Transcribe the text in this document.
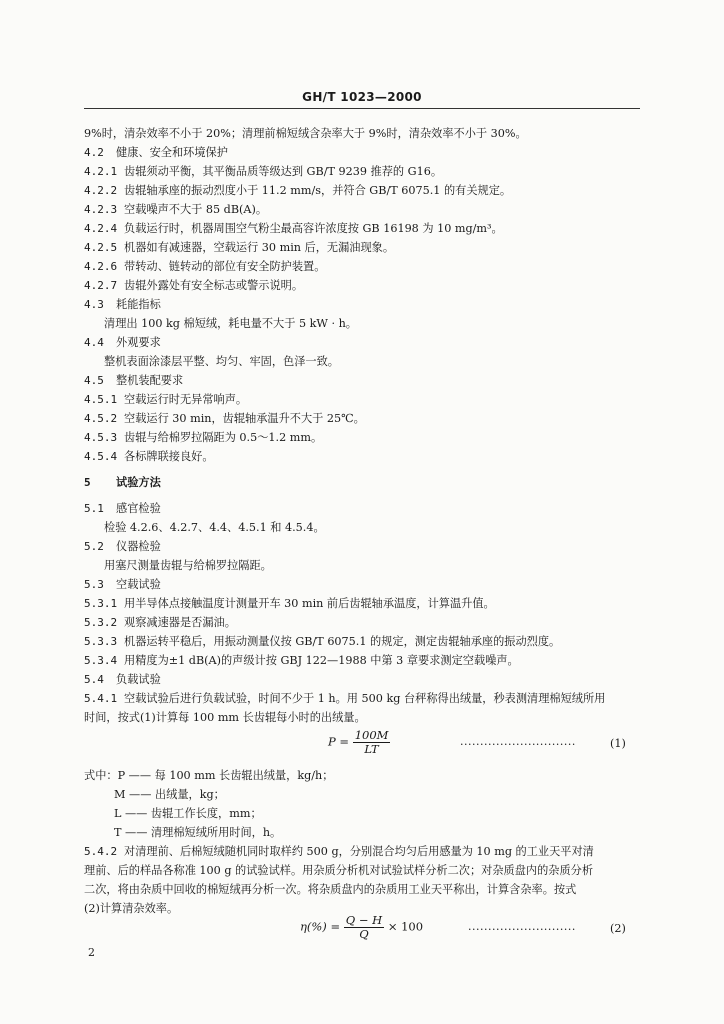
GH/T 1023—2000
9%时，清杂效率不小于 20%；清理前棉短绒含杂率大于 9%时，清杂效率不小于 30%。
4.2 健康、安全和环境保护
4.2.1 齿辊须动平衡，其平衡品质等级达到 GB/T 9239 推荐的 G16。
4.2.2 齿辊轴承座的振动烈度小于 11.2 mm/s，并符合 GB/T 6075.1 的有关规定。
4.2.3 空载噪声不大于 85 dB(A)。
4.2.4 负载运行时，机器周围空气粉尘最高容许浓度按 GB 16198 为 10 mg/m³。
4.2.5 机器如有减速器，空载运行 30 min 后，无漏油现象。
4.2.6 带转动、链转动的部位有安全防护装置。
4.2.7 齿辊外露处有安全标志或警示说明。
4.3 耗能指标
清理出 100 kg 棉短绒，耗电量不大于 5 kW · h。
4.4 外观要求
整机表面涂漆层平整、均匀、牢固，色泽一致。
4.5 整机装配要求
4.5.1 空载运行时无异常响声。
4.5.2 空载运行 30 min，齿辊轴承温升不大于 25℃。
4.5.3 齿辊与给棉罗拉隔距为 0.5～1.2 mm。
4.5.4 各标牌联接良好。
5 试验方法
5.1 感官检验
检验 4.2.6、4.2.7、4.4、4.5.1 和 4.5.4。
5.2 仪器检验
用塞尺测量齿辊与给棉罗拉隔距。
5.3 空载试验
5.3.1 用半导体点接触温度计测量开车 30 min 前后齿辊轴承温度，计算温升值。
5.3.2 观察减速器是否漏油。
5.3.3 机器运转平稳后，用振动测量仪按 GB/T 6075.1 的规定，测定齿辊轴承座的振动烈度。
5.3.4 用精度为±1 dB(A)的声级计按 GBJ 122—1988 中第 3 章要求测定空载噪声。
5.4 负载试验
5.4.1 空载试验后进行负载试验，时间不少于 1 h。用 500 kg 台秤称得出绒量，秒表测清理棉短绒所用
时间，按式(1)计算每 100 mm 长齿辊每小时的出绒量。
$P = \frac{100M}{LT}$	·····························	(1)
式中：P —— 每 100 mm 长齿辊出绒量，kg/h；
M —— 出绒量，kg；
L —— 齿辊工作长度，mm；
T —— 清理棉短绒所用时间，h。
5.4.2 对清理前、后棉短绒随机同时取样约 500 g，分别混合均匀后用感量为 10 mg 的工业天平对清
理前、后的样品各称准 100 g 的试验试样。用杂质分析机对试验试样分析二次；对杂质盘内的杂质分析
二次，将由杂质中回收的棉短绒再分析一次。将杂质盘内的杂质用工业天平称出，计算含杂率。按式
(2)计算清杂效率。
$\eta(\%) = \frac{Q - H}{Q} \times 100$	···························	(2)
2
